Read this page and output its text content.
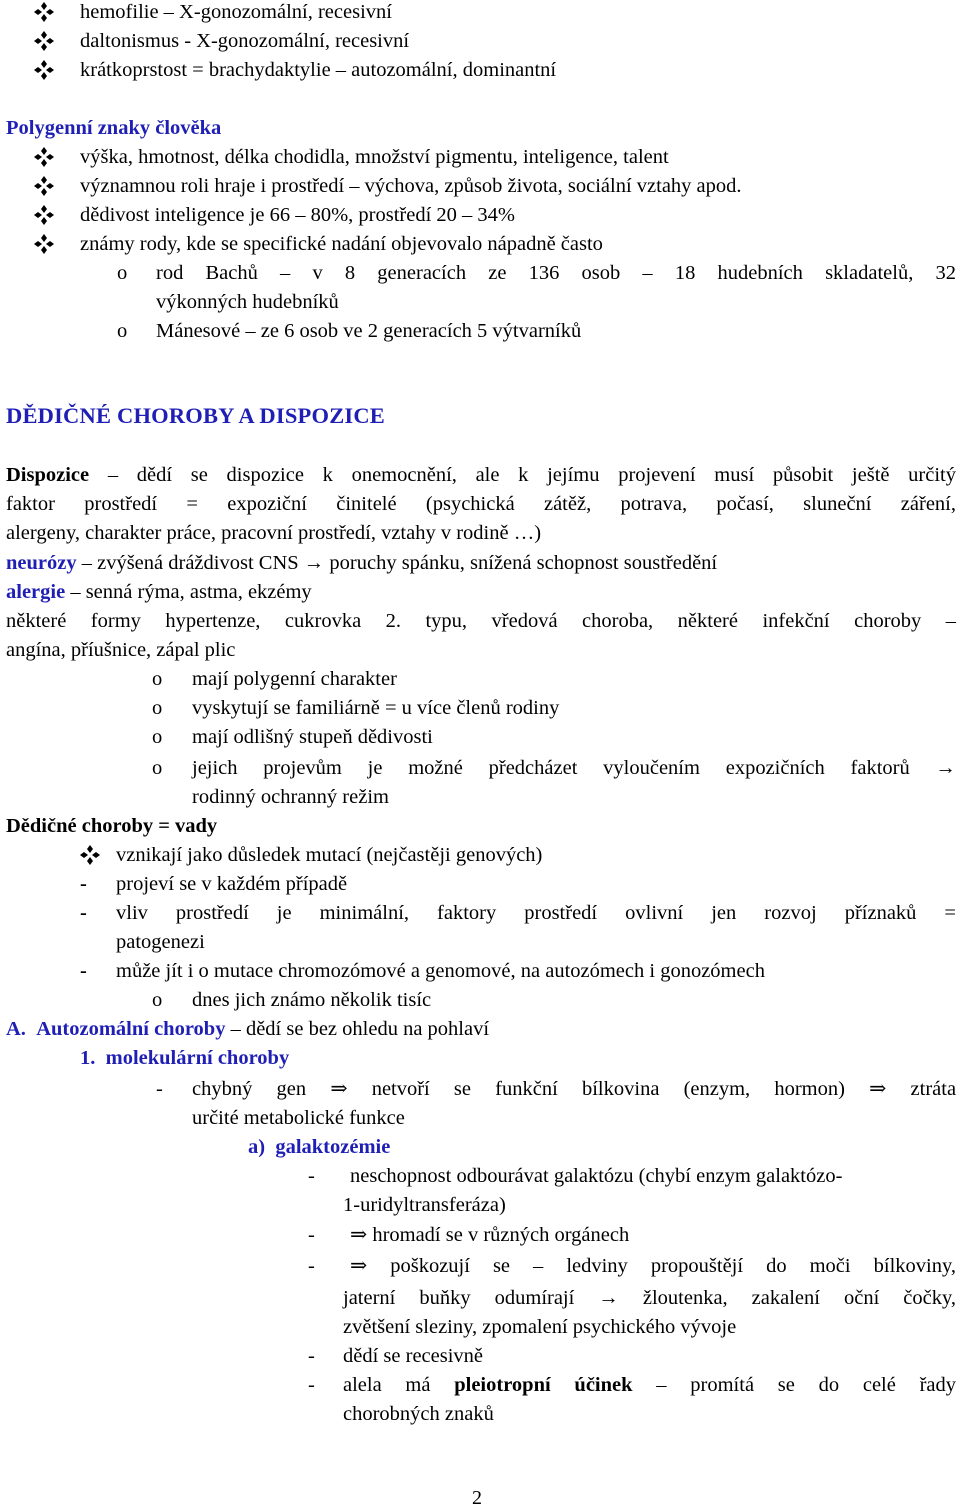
hemofilie – X-gonozomální, recesivní
daltonismus - X-gonozomální, recesivní
krátkoprstost = brachydaktylie – autozomální, dominantní
Polygenní znaky člověka
výška, hmotnost, délka chodidla, množství pigmentu, inteligence, talent
významnou roli hraje i prostředí – výchova, způsob života, sociální vztahy apod.
dědivost inteligence je 66 – 80%, prostředí 20 – 34%
známy rody, kde se specifické nadání objevovalo nápadně často
o rod Bachů – v 8 generacích ze 136 osob – 18 hudebních skladatelů, 32
výkonných hudebníků
o Mánesové – ze 6 osob ve 2 generacích 5 výtvarníků
DĚDIČNÉ CHOROBY A DISPOZICE
Dispozice – dědí se dispozice k onemocnění, ale k jejímu projevení musí působit ještě určitý
faktor prostředí = expoziční činitelé (psychická zátěž, potrava, počasí, sluneční záření,
alergeny, charakter práce, pracovní prostředí, vztahy v rodině …)
neurózy – zvýšená dráždivost CNS → poruchy spánku, snížená schopnost soustředění
alergie – senná rýma, astma, ekzémy
některé formy hypertenze, cukrovka 2. typu, vředová choroba, některé infekční choroby –
angína, příušnice, zápal plic
o mají polygenní charakter
o vyskytují se familiárně = u více členů rodiny
o mají odlišný stupeň dědivosti
o jejich projevům je možné předcházet vyloučením expozičních faktorů →
rodinný ochranný režim
Dědičné choroby = vady
vznikají jako důsledek mutací (nejčastěji genových)
- projeví se v každém případě
- vliv prostředí je minimální, faktory prostředí ovlivní jen rozvoj příznaků =
patogenezi
- může jít i o mutace chromozómové a genomové, na autozómech i gonozómech
o dnes jich známo několik tisíc
A. Autozomální choroby – dědí se bez ohledu na pohlaví
1. molekulární choroby
- chybný gen ⇒ netvoří se funkční bílkovina (enzym, hormon) ⇒ ztráta
určité metabolické funkce
a) galaktozémie
- neschopnost odbourávat galaktózu (chybí enzym galaktózo-
1-uridyltransferáza)
- ⇒ hromadí se v různých orgánech
- ⇒ poškozují se – ledviny propouštějí do moči bílkoviny,
jaterní buňky odumírají → žloutenka, zakalení oční čočky,
zvětšení sleziny, zpomalení psychického vývoje
- dědí se recesivně
- alela má pleiotropní účinek – promítá se do celé řady
chorobných znaků
2
